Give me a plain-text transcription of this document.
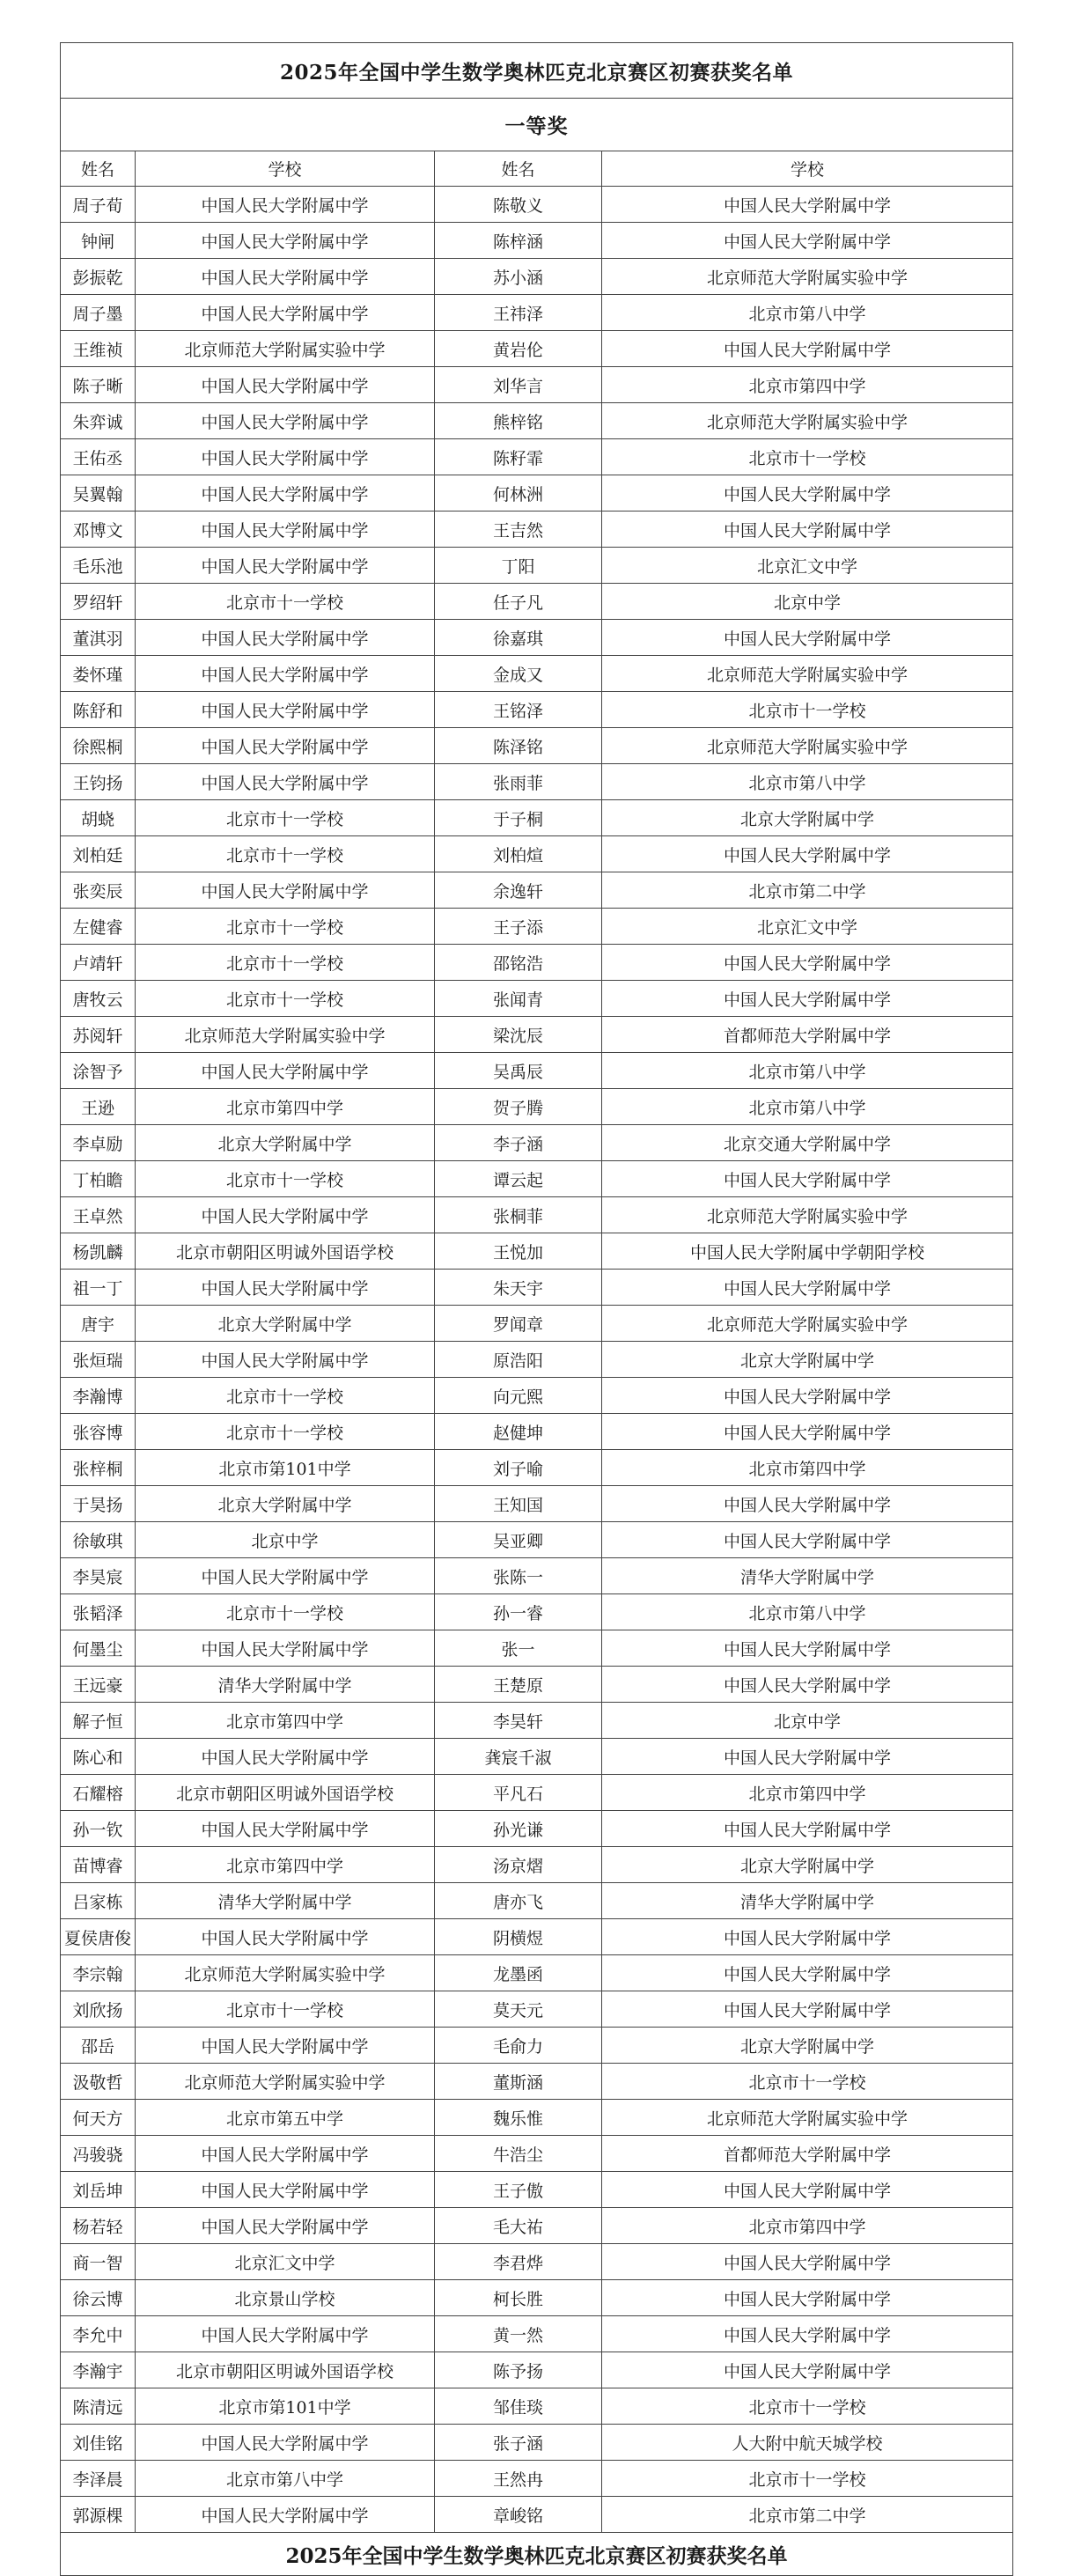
2025年全国中学生数学奥林匹克北京赛区初赛获奖名单			
一等奖			
姓名	学校	姓名	学校
周子荀	中国人民大学附属中学	陈敬义	中国人民大学附属中学
钟闸	中国人民大学附属中学	陈梓涵	中国人民大学附属中学
彭振乾	中国人民大学附属中学	苏小涵	北京师范大学附属实验中学
周子墨	中国人民大学附属中学	王祎泽	北京市第八中学
王维祯	北京师范大学附属实验中学	黄岩伦	中国人民大学附属中学
陈子晰	中国人民大学附属中学	刘华言	北京市第四中学
朱弈诚	中国人民大学附属中学	熊梓铭	北京师范大学附属实验中学
王佑丞	中国人民大学附属中学	陈籽霏	北京市十一学校
吴翼翰	中国人民大学附属中学	何林洲	中国人民大学附属中学
邓博文	中国人民大学附属中学	王吉然	中国人民大学附属中学
毛乐池	中国人民大学附属中学	丁阳	北京汇文中学
罗绍轩	北京市十一学校	任子凡	北京中学
董淇羽	中国人民大学附属中学	徐嘉琪	中国人民大学附属中学
娄怀瑾	中国人民大学附属中学	金成又	北京师范大学附属实验中学
陈舒和	中国人民大学附属中学	王铭泽	北京市十一学校
徐熙桐	中国人民大学附属中学	陈泽铭	北京师范大学附属实验中学
王钧扬	中国人民大学附属中学	张雨菲	北京市第八中学
胡蛲	北京市十一学校	于子桐	北京大学附属中学
刘柏廷	北京市十一学校	刘柏煊	中国人民大学附属中学
张奕辰	中国人民大学附属中学	余逸轩	北京市第二中学
左健睿	北京市十一学校	王子添	北京汇文中学
卢靖轩	北京市十一学校	邵铭浩	中国人民大学附属中学
唐牧云	北京市十一学校	张闻青	中国人民大学附属中学
苏阅轩	北京师范大学附属实验中学	梁沈辰	首都师范大学附属中学
涂智予	中国人民大学附属中学	吴禹辰	北京市第八中学
王逊	北京市第四中学	贺子腾	北京市第八中学
李卓励	北京大学附属中学	李子涵	北京交通大学附属中学
丁柏瞻	北京市十一学校	谭云起	中国人民大学附属中学
王卓然	中国人民大学附属中学	张桐菲	北京师范大学附属实验中学
杨凯麟	北京市朝阳区明诚外国语学校	王悦加	中国人民大学附属中学朝阳学校
祖一丁	中国人民大学附属中学	朱天宇	中国人民大学附属中学
唐宇	北京大学附属中学	罗闻章	北京师范大学附属实验中学
张烜瑞	中国人民大学附属中学	原浩阳	北京大学附属中学
李瀚博	北京市十一学校	向元熙	中国人民大学附属中学
张容博	北京市十一学校	赵健坤	中国人民大学附属中学
张梓桐	北京市第101中学	刘子喻	北京市第四中学
于昊扬	北京大学附属中学	王知国	中国人民大学附属中学
徐敏琪	北京中学	吴亚卿	中国人民大学附属中学
李昊宸	中国人民大学附属中学	张陈一	清华大学附属中学
张韬泽	北京市十一学校	孙一睿	北京市第八中学
何墨尘	中国人民大学附属中学	张一	中国人民大学附属中学
王远豪	清华大学附属中学	王楚原	中国人民大学附属中学
解子恒	北京市第四中学	李昊轩	北京中学
陈心和	中国人民大学附属中学	龚宸千淑	中国人民大学附属中学
石耀榕	北京市朝阳区明诚外国语学校	平凡石	北京市第四中学
孙一钦	中国人民大学附属中学	孙光谦	中国人民大学附属中学
苗博睿	北京市第四中学	汤京熠	北京大学附属中学
吕家栋	清华大学附属中学	唐亦飞	清华大学附属中学
夏侯唐俊	中国人民大学附属中学	阴横煜	中国人民大学附属中学
李宗翰	北京师范大学附属实验中学	龙墨函	中国人民大学附属中学
刘欣扬	北京市十一学校	莫天元	中国人民大学附属中学
邵岳	中国人民大学附属中学	毛俞力	北京大学附属中学
汲敬哲	北京师范大学附属实验中学	董斯涵	北京市十一学校
何天方	北京市第五中学	魏乐惟	北京师范大学附属实验中学
冯骏骁	中国人民大学附属中学	牛浩尘	首都师范大学附属中学
刘岳坤	中国人民大学附属中学	王子傲	中国人民大学附属中学
杨若轻	中国人民大学附属中学	毛大祐	北京市第四中学
商一智	北京汇文中学	李君烨	中国人民大学附属中学
徐云博	北京景山学校	柯长胜	中国人民大学附属中学
李允中	中国人民大学附属中学	黄一然	中国人民大学附属中学
李瀚宇	北京市朝阳区明诚外国语学校	陈予扬	中国人民大学附属中学
陈清远	北京市第101中学	邹佳琰	北京市十一学校
刘佳铭	中国人民大学附属中学	张子涵	人大附中航天城学校
李泽晨	北京市第八中学	王然冉	北京市十一学校
郭源棵	中国人民大学附属中学	章峻铭	北京市第二中学
2025年全国中学生数学奥林匹克北京赛区初赛获奖名单			
